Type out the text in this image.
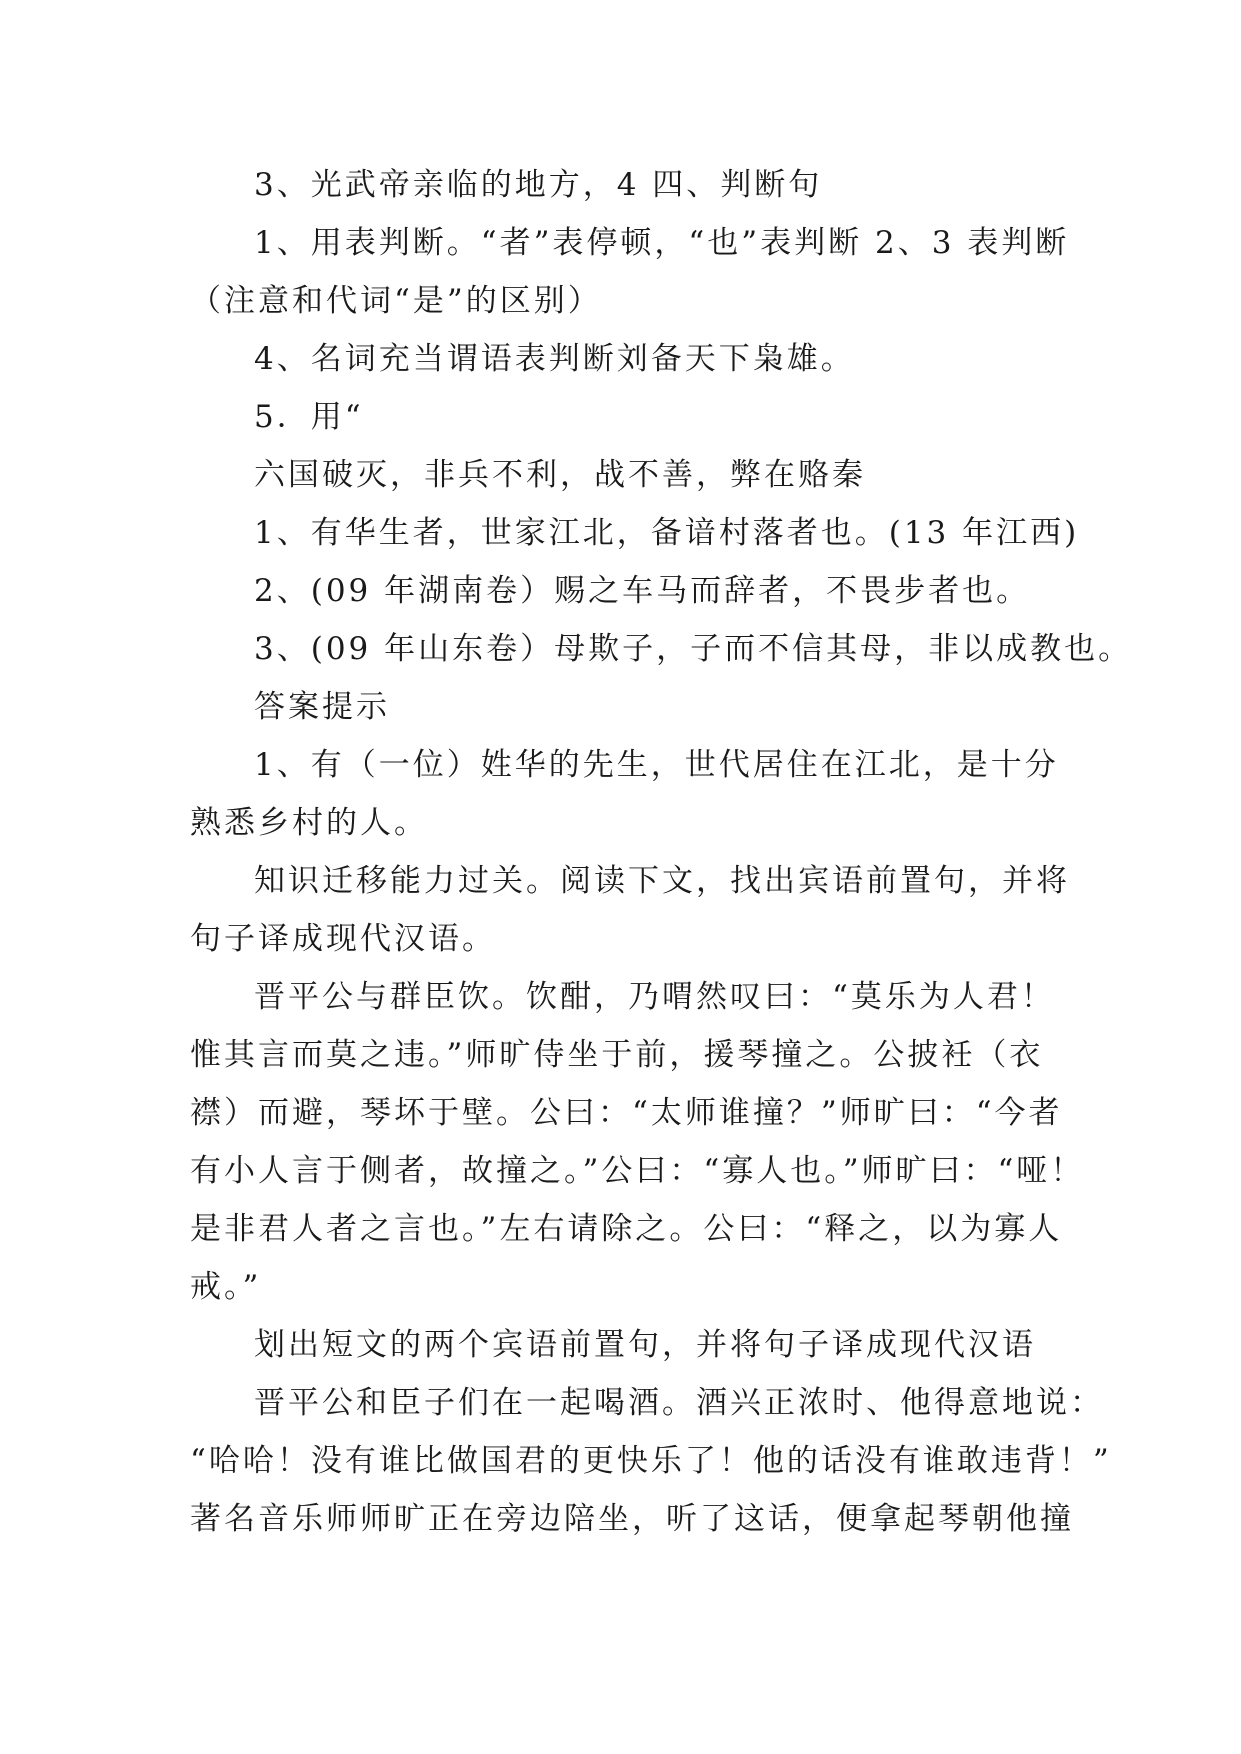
3、光武帝亲临的地方，4 四、判断句

1、用表判断。“者”表停顿，“也”表判断 2、3 表判断

（注意和代词“是”的区别）

4、名词充当谓语表判断刘备天下枭雄。

5．用“

六国破灭，非兵不利，战不善，弊在赂秦

1、有华生者，世家江北，备谙村落者也。(13 年江西)

2、(09 年湖南卷）赐之车马而辞者，不畏步者也。

3、(09 年山东卷）母欺子，子而不信其母，非以成教也。

答案提示

1、有（一位）姓华的先生，世代居住在江北，是十分

熟悉乡村的人。

知识迁移能力过关。阅读下文，找出宾语前置句，并将

句子译成现代汉语。

晋平公与群臣饮。饮酣，乃喟然叹曰：“莫乐为人君！

惟其言而莫之违。”师旷侍坐于前，援琴撞之。公披衽（衣

襟）而避，琴坏于壁。公曰：“太师谁撞？”师旷曰：“今者

有小人言于侧者，故撞之。”公曰：“寡人也。”师旷曰：“哑！

是非君人者之言也。”左右请除之。公曰：“释之，以为寡人

戒。”

划出短文的两个宾语前置句，并将句子译成现代汉语

晋平公和臣子们在一起喝酒。酒兴正浓时、他得意地说：

“哈哈！没有谁比做国君的更快乐了！他的话没有谁敢违背！”

著名音乐师师旷正在旁边陪坐，听了这话，便拿起琴朝他撞
